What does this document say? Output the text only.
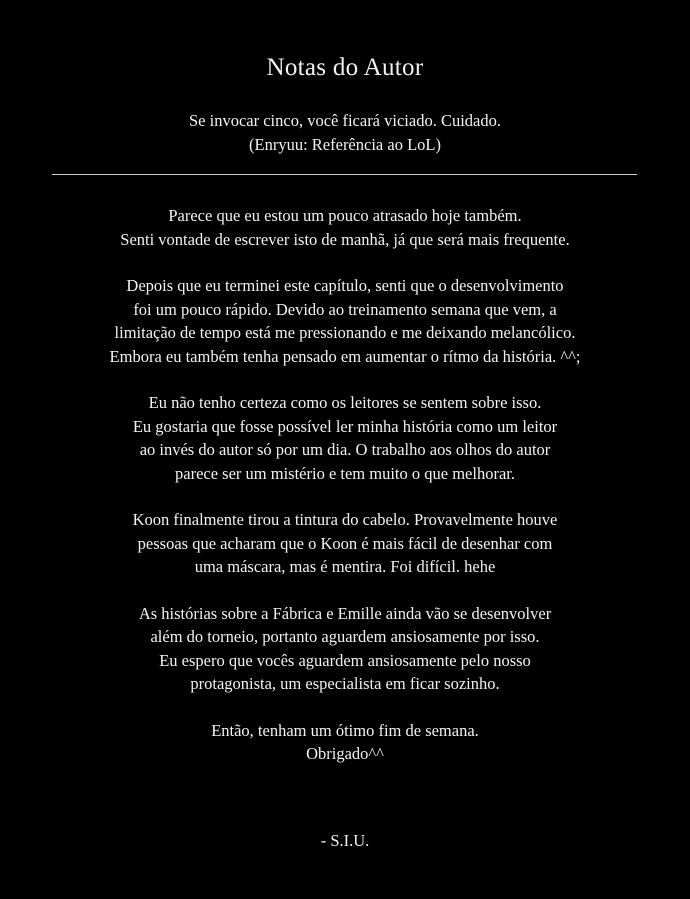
Notas do Autor
Se invocar cinco, você ficará viciado. Cuidado.
(Enryuu: Referência ao LoL)
Parece que eu estou um pouco atrasado hoje também.
Senti vontade de escrever isto de manhã, já que será mais frequente.
Depois que eu terminei este capítulo, senti que o desenvolvimento
foi um pouco rápido. Devido ao treinamento semana que vem, a
limitação de tempo está me pressionando e me deixando melancólico.
Embora eu também tenha pensado em aumentar o rítmo da história. ^^;
Eu não tenho certeza como os leitores se sentem sobre isso.
Eu gostaria que fosse possível ler minha história como um leitor
ao invés do autor só por um dia. O trabalho aos olhos do autor
parece ser um mistério e tem muito o que melhorar.
Koon finalmente tirou a tintura do cabelo. Provavelmente houve
pessoas que acharam que o Koon é mais fácil de desenhar com
uma máscara, mas é mentira. Foi difícil. hehe
As histórias sobre a Fábrica e Emille ainda vão se desenvolver
além do torneio, portanto aguardem ansiosamente por isso.
Eu espero que vocês aguardem ansiosamente pelo nosso
protagonista, um especialista em ficar sozinho.
Então, tenham um ótimo fim de semana.
Obrigado^^
- S.I.U.
